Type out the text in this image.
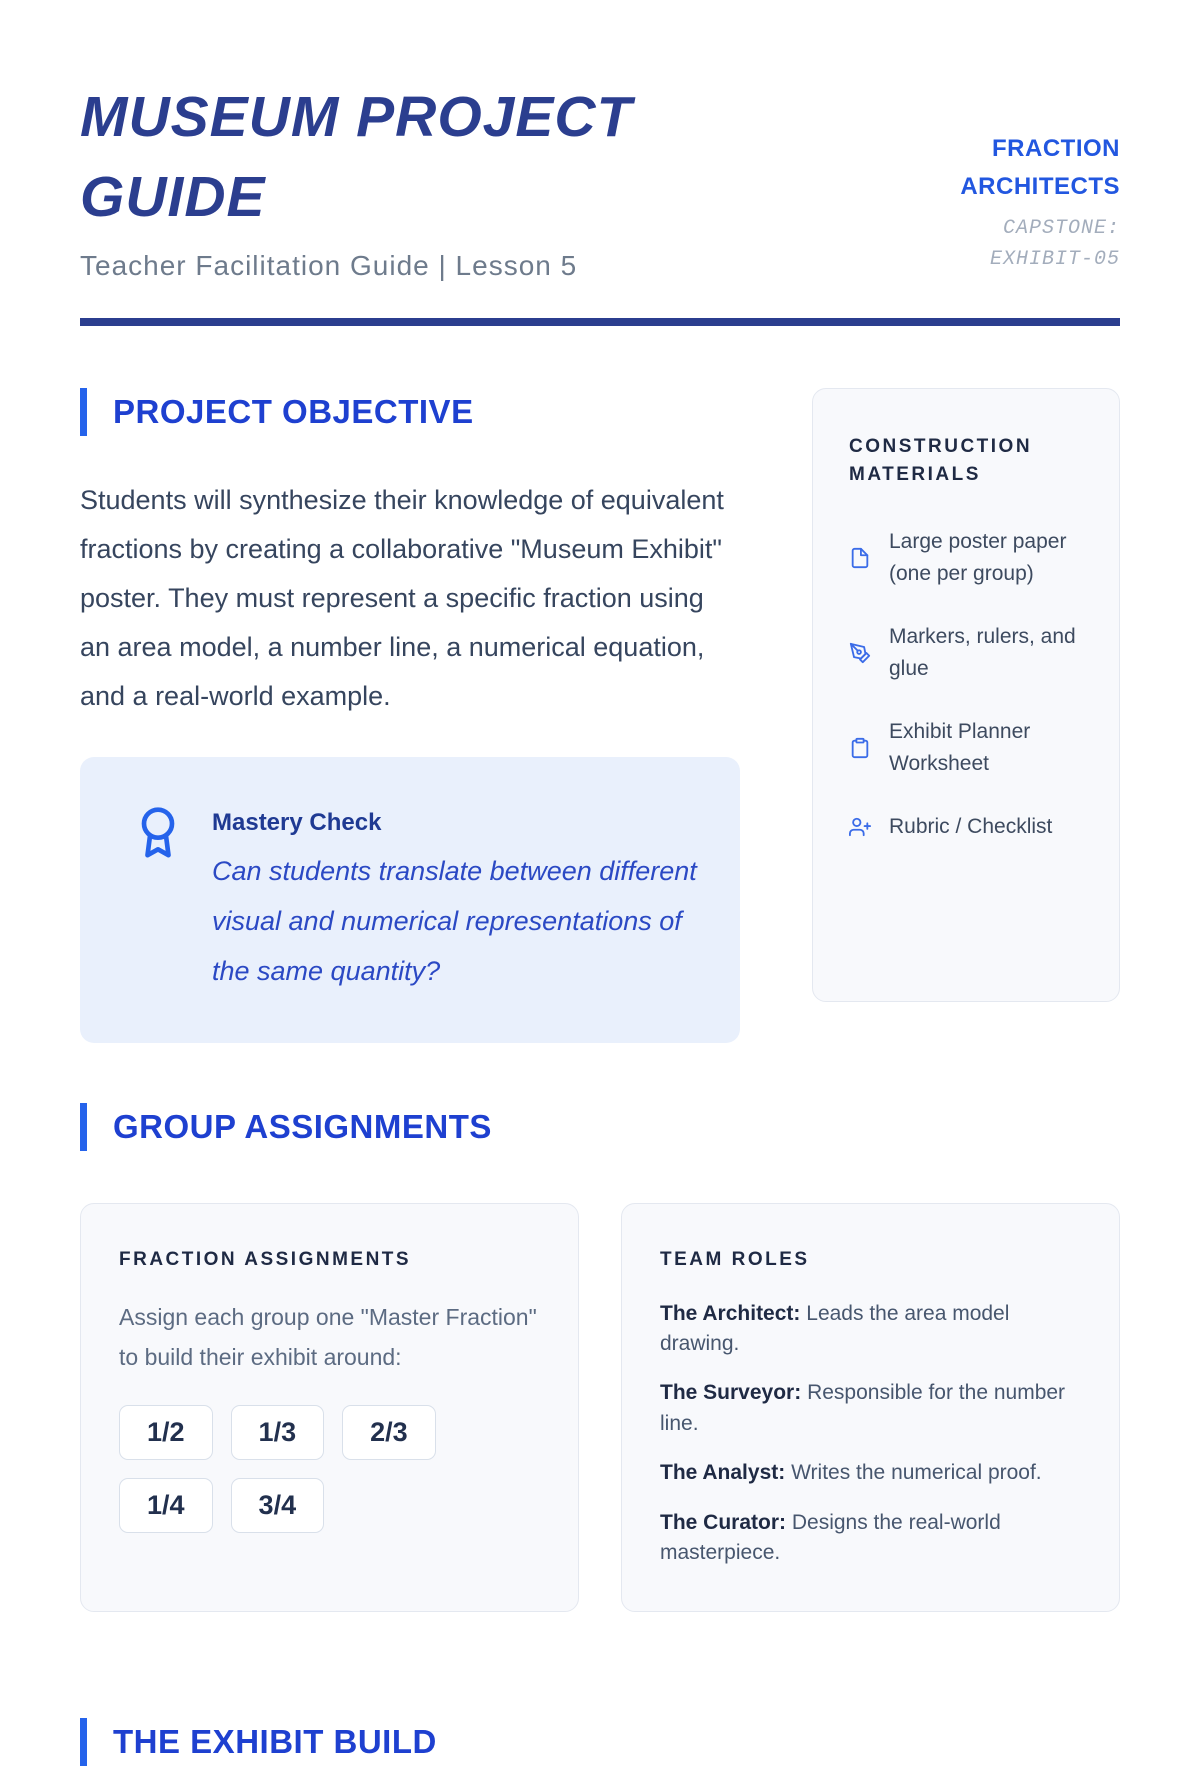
MUSEUM PROJECT
GUIDE
Teacher Facilitation Guide | Lesson 5
FRACTION ARCHITECTS
CAPSTONE: EXHIBIT-05
PROJECT OBJECTIVE

Students will synthesize their knowledge of equivalent fractions by creating a collaborative "Museum Exhibit" poster. They must represent a specific fraction using an area model, a number line, a numerical equation, and a real-world example.

Mastery Check
Can students translate between different visual and numerical representations of the same quantity?
CONSTRUCTION MATERIALS
Large poster paper (one per group)
Markers, rulers, and glue
Exhibit Planner Worksheet
Rubric / Checklist
GROUP ASSIGNMENTS
FRACTION ASSIGNMENTS
Assign each group one "Master Fraction" to build their exhibit around:
1/2	1/3	2/3
1/4	3/4
TEAM ROLES
The Architect: Leads the area model drawing.
The Surveyor: Responsible for the number line.
The Analyst: Writes the numerical proof.
The Curator: Designs the real-world masterpiece.
THE EXHIBIT BUILD
